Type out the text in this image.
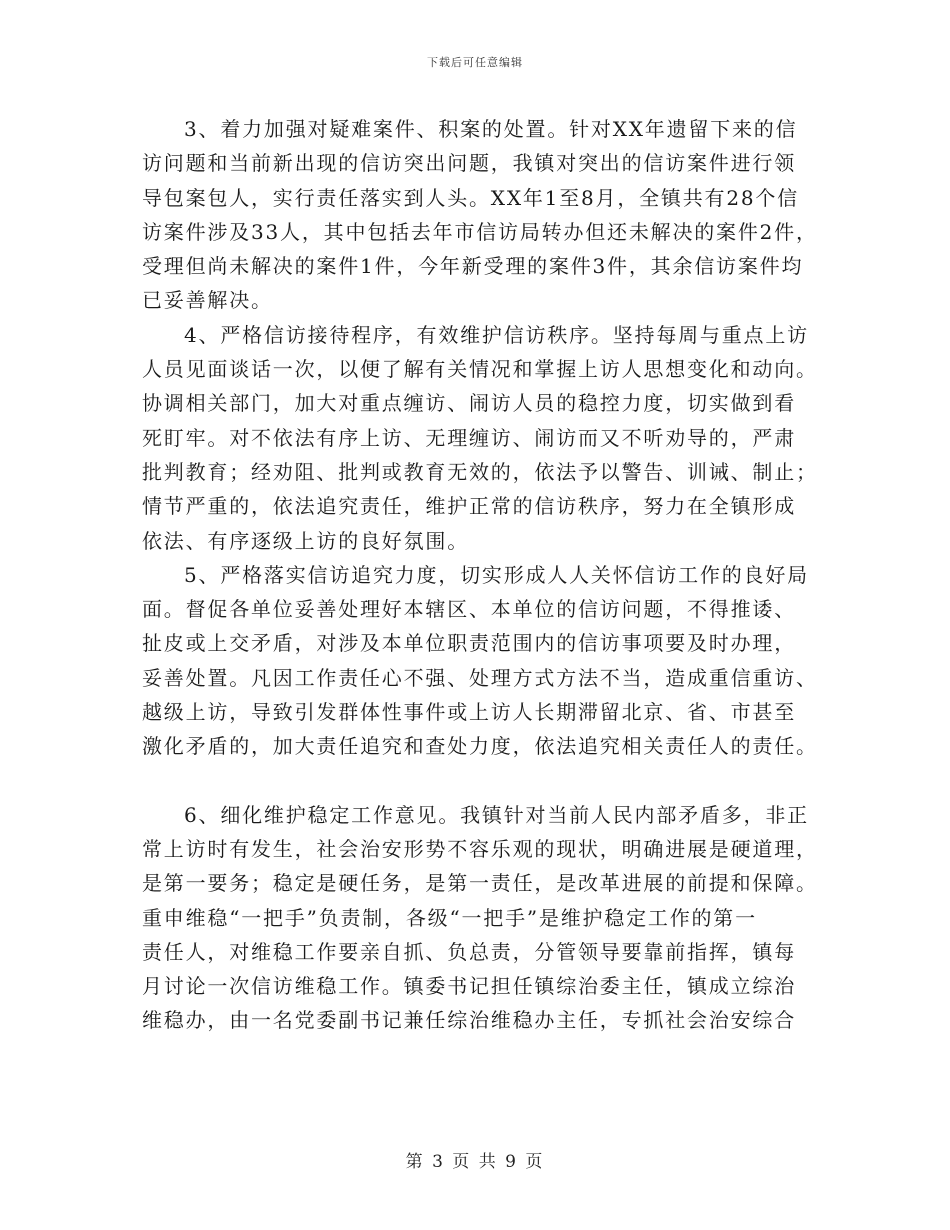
下载后可任意编辑
3、着力加强对疑难案件、积案的处置。针对XX年遗留下来的信
访问题和当前新出现的信访突出问题，我镇对突出的信访案件进行领
导包案包人，实行责任落实到人头。XX年1至8月，全镇共有28个信
访案件涉及33人，其中包括去年市信访局转办但还未解决的案件2件，
受理但尚未解决的案件1件，今年新受理的案件3件，其余信访案件均
已妥善解决。
4、严格信访接待程序，有效维护信访秩序。坚持每周与重点上访
人员见面谈话一次，以便了解有关情况和掌握上访人思想变化和动向。
协调相关部门，加大对重点缠访、闹访人员的稳控力度，切实做到看
死盯牢。对不依法有序上访、无理缠访、闹访而又不听劝导的，严肃
批判教育；经劝阻、批判或教育无效的，依法予以警告、训诫、制止；
情节严重的，依法追究责任，维护正常的信访秩序，努力在全镇形成
依法、有序逐级上访的良好氛围。
5、严格落实信访追究力度，切实形成人人关怀信访工作的良好局
面。督促各单位妥善处理好本辖区、本单位的信访问题，不得推诿、
扯皮或上交矛盾，对涉及本单位职责范围内的信访事项要及时办理，
妥善处置。凡因工作责任心不强、处理方式方法不当，造成重信重访、
越级上访，导致引发群体性事件或上访人长期滞留北京、省、市甚至
激化矛盾的，加大责任追究和查处力度，依法追究相关责任人的责任。
6、细化维护稳定工作意见。我镇针对当前人民内部矛盾多，非正
常上访时有发生，社会治安形势不容乐观的现状，明确进展是硬道理，
是第一要务；稳定是硬任务，是第一责任，是改革进展的前提和保障。
重申维稳“一把手”负责制，各级“一把手”是维护稳定工作的第一
责任人，对维稳工作要亲自抓、负总责，分管领导要靠前指挥，镇每
月讨论一次信访维稳工作。镇委书记担任镇综治委主任，镇成立综治
维稳办，由一名党委副书记兼任综治维稳办主任，专抓社会治安综合
第 3 页 共 9 页
